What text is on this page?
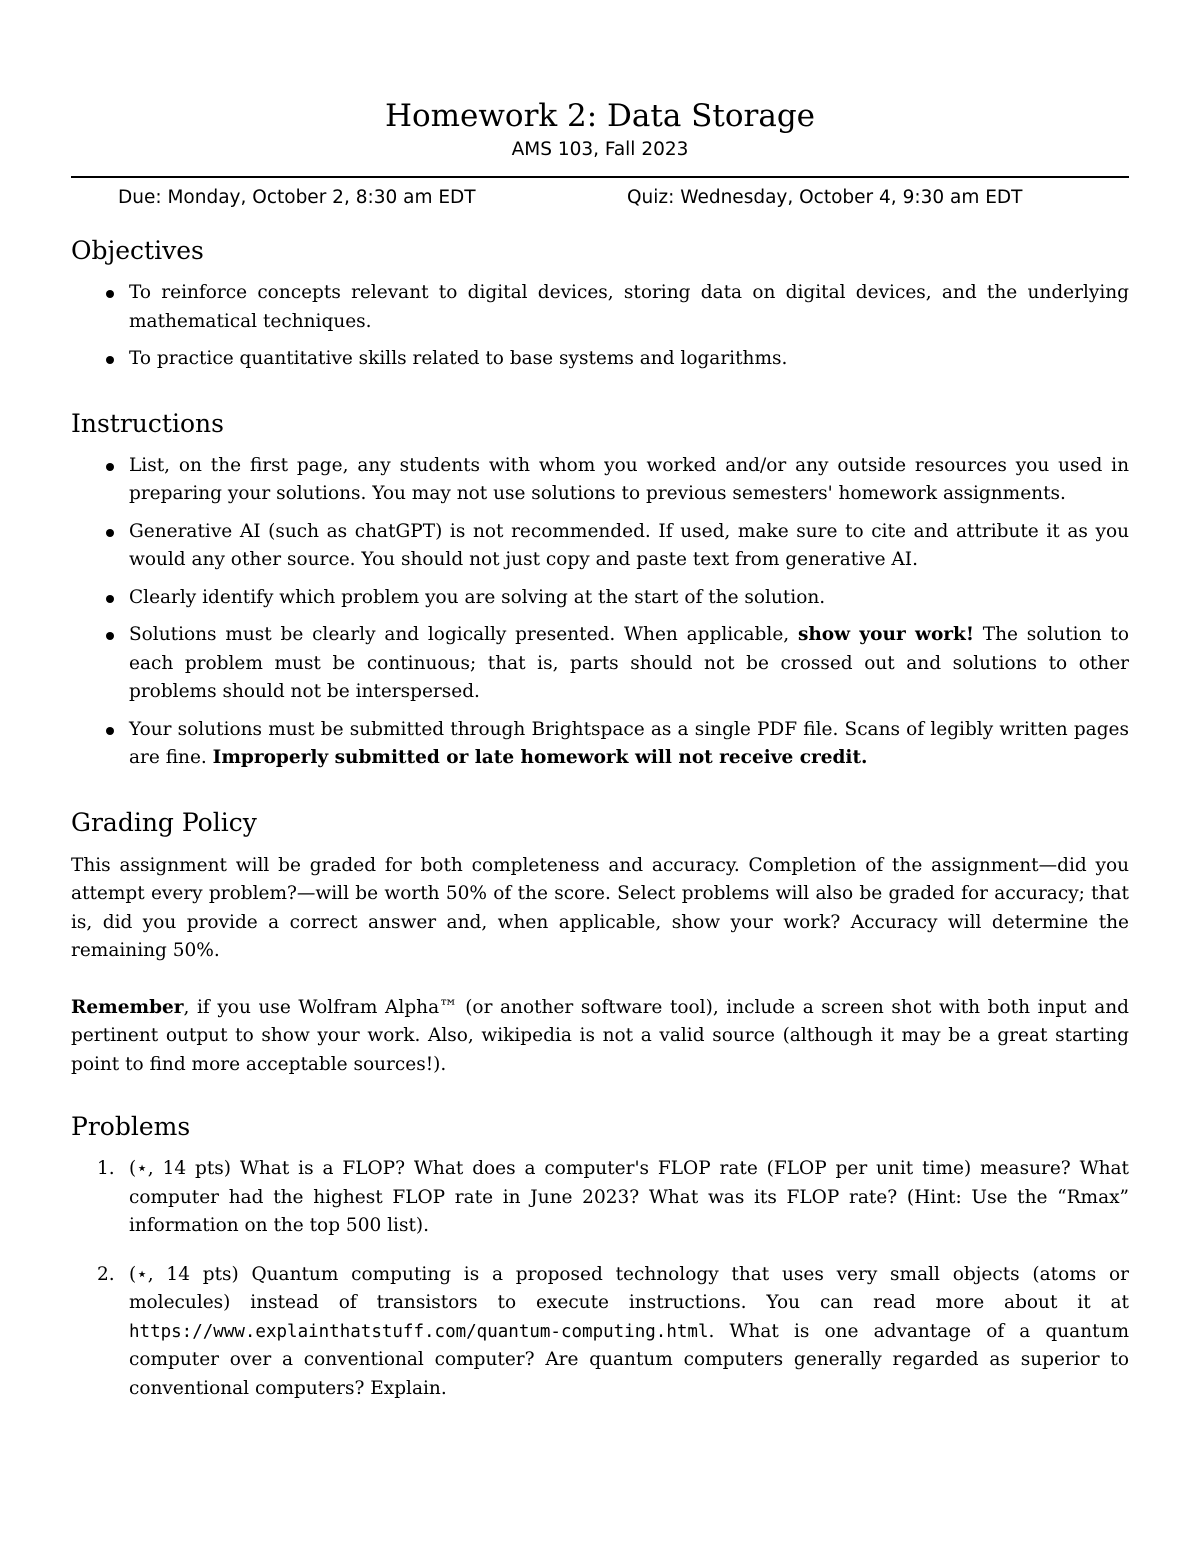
Homework 2: Data Storage
AMS 103, Fall 2023
Due: Monday, October 2, 8:30 am EDT	Quiz: Wednesday, October 4, 9:30 am EDT
Objectives
To reinforce concepts relevant to digital devices, storing data on digital devices, and the underlying mathematical techniques.
To practice quantitative skills related to base systems and logarithms.
Instructions
List, on the first page, any students with whom you worked and/or any outside resources you used in preparing your solutions. You may not use solutions to previous semesters' homework assignments.
Generative AI (such as chatGPT) is not recommended. If used, make sure to cite and attribute it as you would any other source. You should not just copy and paste text from generative AI.
Clearly identify which problem you are solving at the start of the solution.
Solutions must be clearly and logically presented. When applicable, show your work! The solution to each problem must be continuous; that is, parts should not be crossed out and solutions to other problems should not be interspersed.
Your solutions must be submitted through Brightspace as a single PDF file. Scans of legibly written pages are fine. Improperly submitted or late homework will not receive credit.
Grading Policy

This assignment will be graded for both completeness and accuracy. Completion of the assignment—did you attempt every problem?—will be worth 50% of the score. Select problems will also be graded for accuracy; that is, did you provide a correct answer and, when applicable, show your work? Accuracy will determine the remaining 50%.

Remember, if you use Wolfram Alpha™ (or another software tool), include a screen shot with both input and pertinent output to show your work. Also, wikipedia is not a valid source (although it may be a great starting point to find more acceptable sources!).

Problems
1. (⋆, 14 pts) What is a FLOP? What does a computer's FLOP rate (FLOP per unit time) measure? What computer had the highest FLOP rate in June 2023? What was its FLOP rate? (Hint: Use the “Rmax” information on the top 500 list).
2. (⋆, 14 pts) Quantum computing is a proposed technology that uses very small objects (atoms or molecules) instead of transistors to execute instructions. You can read more about it at https://www.explainthatstuff.com/quantum-computing.html. What is one advantage of a quantum computer over a conventional computer? Are quantum computers generally regarded as superior to conventional computers? Explain.
